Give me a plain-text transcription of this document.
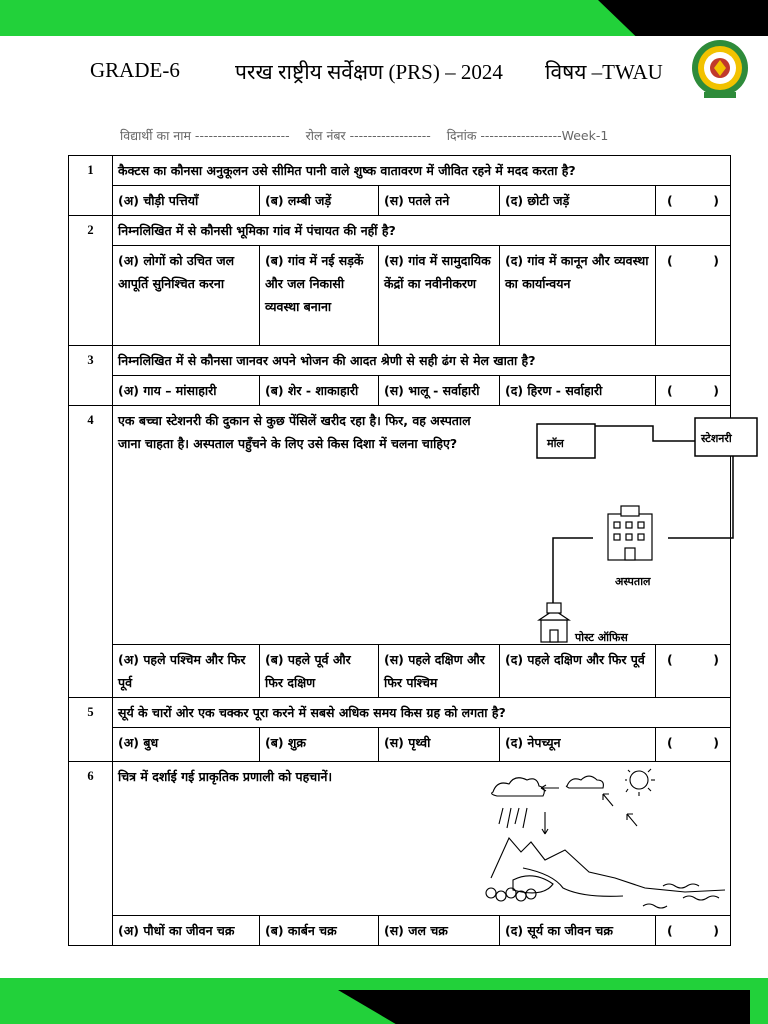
GRADE-6	परख राष्ट्रीय सर्वेक्षण (PRS) – 2024 विषय –TWAU
विद्यार्थी का नाम --------------------- रोल नंबर ------------------ दिनांक ------------------Week-1
1	कैक्टस का कौनसा अनुकूलन उसे सीमित पानी वाले शुष्क वातावरण में जीवित रहने में मदद करता है?				
	(अ) चौड़ी पत्तियाँ	(ब) लम्बी जड़ें	(स) पतले तने	(द) छोटी जड़ें	( )

2	निम्नलिखित में से कौनसी भूमिका गांव में पंचायत की नहीं है?				
	(अ) लोगों को उचित जल आपूर्ति सुनिश्चित करना	(ब) गांव में नई सड़कें और जल निकासी व्यवस्था बनाना	(स) गांव में सामुदायिक केंद्रों का नवीनीकरण	(द) गांव में कानून और व्यवस्था का कार्यान्वयन	( )

3	निम्नलिखित में से कौनसा जानवर अपने भोजन की आदत श्रेणी से सही ढंग से मेल खाता है?				
	(अ) गाय – मांसाहारी	(ब) शेर - शाकाहारी	(स) भालू - सर्वाहारी	(द) हिरण - सर्वाहारी	( )

4	एक बच्चा स्टेशनरी की दुकान से कुछ पेंसिलें खरीद रहा है। फिर, वह अस्पताल जाना चाहता है। अस्पताल पहुँचने के लिए उसे किस दिशा में चलना चाहिए? मॉल स्टेशनरी
अस्पताल
पोस्ट ऑफिस				

	(अ) पहले पश्चिम और फिर पूर्व	(ब) पहले पूर्व और फिर दक्षिण	(स) पहले दक्षिण और फिर पश्चिम	(द) पहले दक्षिण और फिर पूर्व	( )

5	सूर्य के चारों ओर एक चक्कर पूरा करने में सबसे अधिक समय किस ग्रह को लगता है?				
	(अ) बुध	(ब) शुक्र	(स) पृथ्वी	(द) नेपच्यून	( )

6	चित्र में दर्शाई गई प्राकृतिक प्रणाली को पहचानें।				

	(अ) पौधों का जीवन चक्र	(ब) कार्बन चक्र	(स) जल चक्र	(द) सूर्य का जीवन चक्र	( )
